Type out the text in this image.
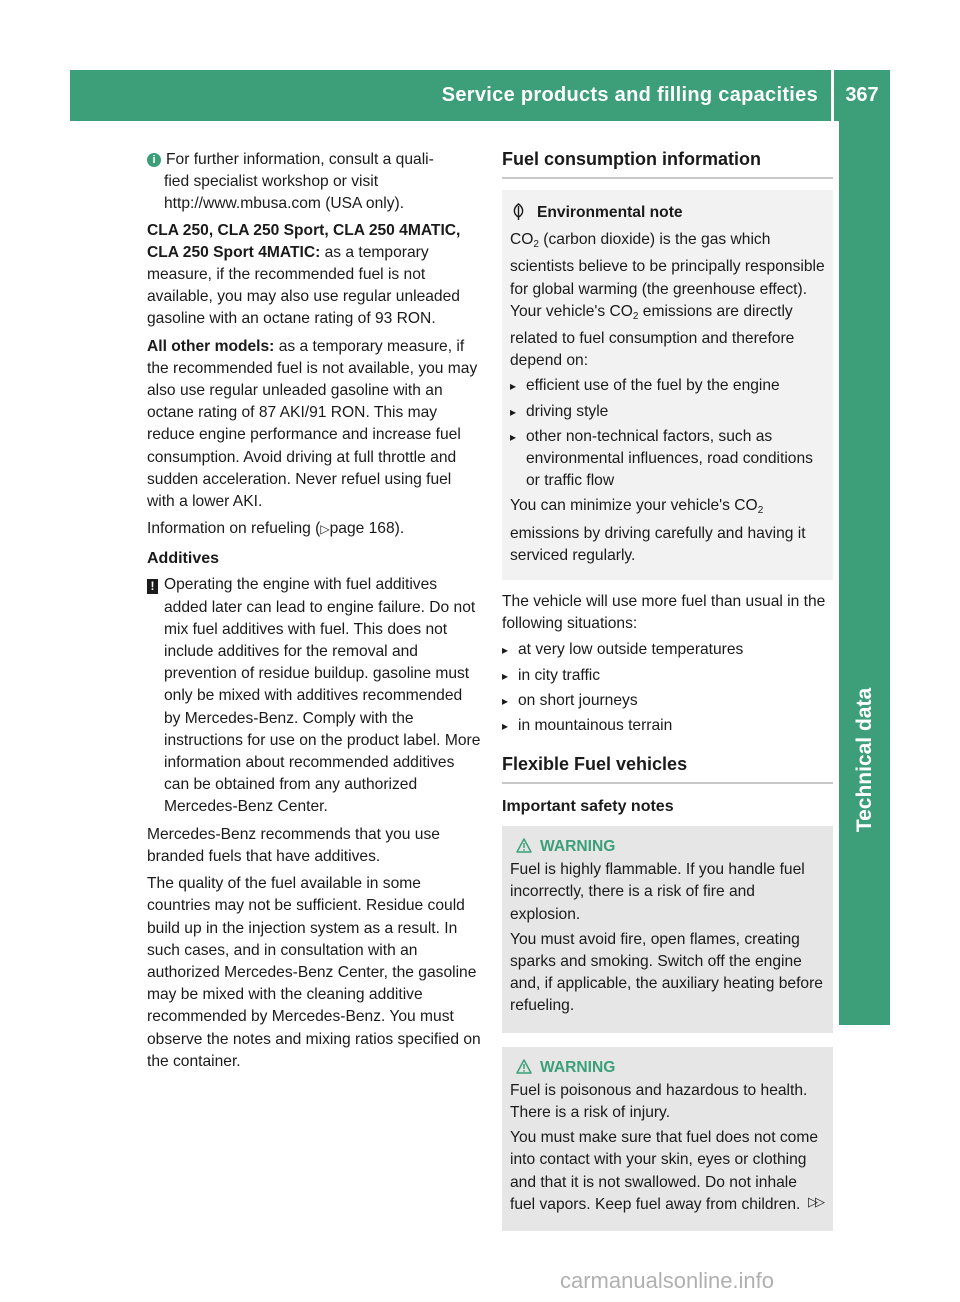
Service products and filling capacities	367
Technical data

i For further information, consult a quali-

fied specialist workshop or visit

http://www.mbusa.com (USA only).

CLA 250, CLA 250 Sport, CLA 250 4MATIC, CLA 250 Sport 4MATIC: as a temporary measure, if the recommended fuel is not available, you may also use regular unleaded gasoline with an octane rating of 93 RON.

All other models: as a temporary measure, if the recommended fuel is not available, you may also use regular unleaded gasoline with an octane rating of 87 AKI/91 RON. This may reduce engine performance and increase fuel consumption. Avoid driving at full throttle and sudden acceleration. Never refuel using fuel with a lower AKI.

Information on refueling (▷page 168).

Additives

! Operating the engine with fuel additives added later can lead to engine failure. Do not mix fuel additives with fuel. This does not include additives for the removal and prevention of residue buildup. gasoline must only be mixed with additives recommended by Mercedes-Benz. Comply with the instructions for use on the product label. More information about recommended additives can be obtained from any authorized Mercedes-Benz Center.

Mercedes-Benz recommends that you use branded fuels that have additives.

The quality of the fuel available in some countries may not be sufficient. Residue could build up in the injection system as a result. In such cases, and in consultation with an authorized Mercedes-Benz Center, the gasoline may be mixed with the cleaning additive recommended by Mercedes-Benz. You must observe the notes and mixing ratios specified on the container.

Fuel consumption information
Environmental note

$CO_2$ (carbon dioxide) is the gas which scientists believe to be principally responsible for global warming (the greenhouse effect). Your vehicle's $CO_2$ emissions are directly related to fuel consumption and therefore depend on:

▸ efficient use of the fuel by the engine
▸ driving style
▸ other non-technical factors, such as environmental influences, road conditions or traffic flow

You can minimize your vehicle's $CO_2$ emissions by driving carefully and having it serviced regularly.

The vehicle will use more fuel than usual in the following situations:

▸ at very low outside temperatures
▸ in city traffic
▸ on short journeys
▸ in mountainous terrain
Flexible Fuel vehicles
Important safety notes
WARNING

Fuel is highly flammable. If you handle fuel incorrectly, there is a risk of fire and explosion.

You must avoid fire, open flames, creating sparks and smoking. Switch off the engine and, if applicable, the auxiliary heating before refueling.

WARNING

Fuel is poisonous and hazardous to health. There is a risk of injury.

You must make sure that fuel does not come into contact with your skin, eyes or clothing and that it is not swallowed. Do not inhale fuel vapors. Keep fuel away from children. ▷▷
carmanualsonline.info
